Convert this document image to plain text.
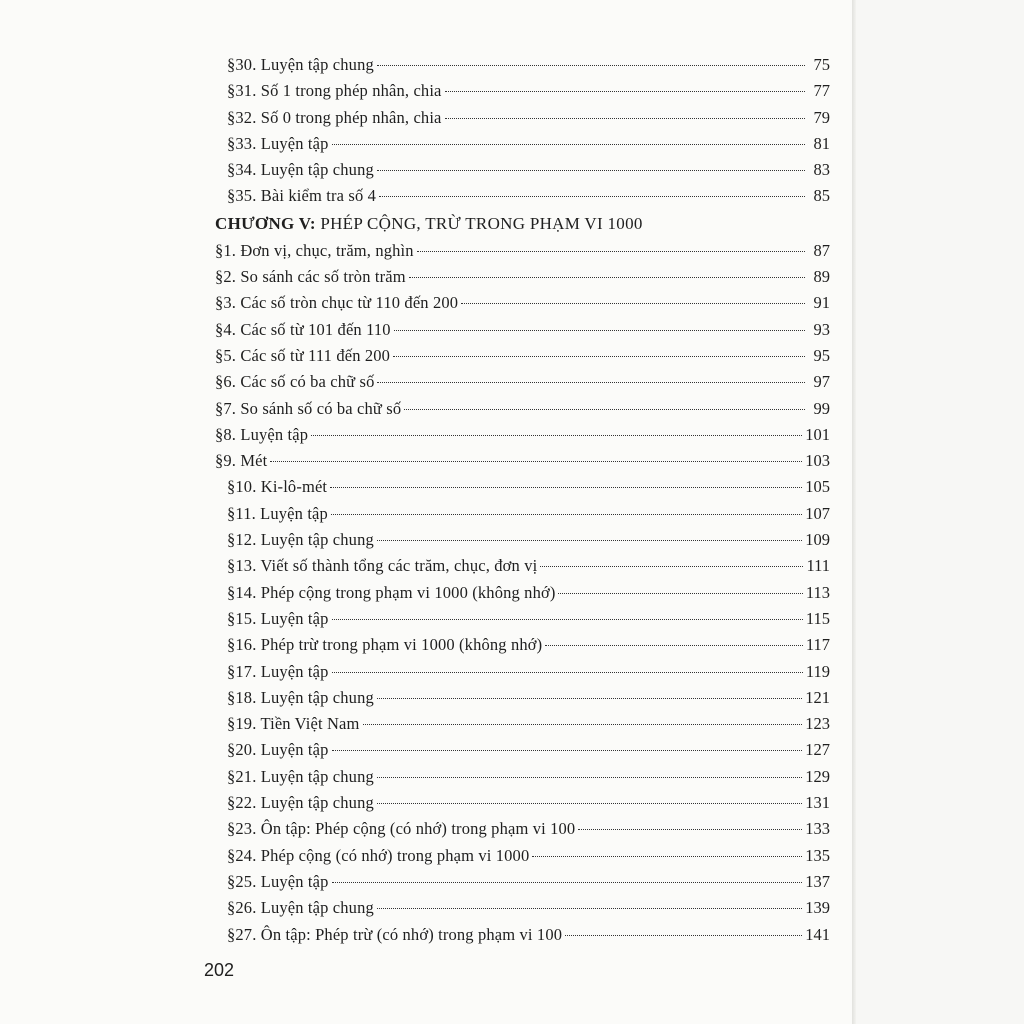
§30. Luyện tập chung	75
§31. Số 1 trong phép nhân, chia	77
§32. Số 0 trong phép nhân, chia	79
§33. Luyện tập	81
§34. Luyện tập chung	83
§35. Bài kiểm tra số 4	85
CHƯƠNG V: PHÉP CỘNG, TRỪ TRONG PHẠM VI 1000
§1. Đơn vị, chục, trăm, nghìn	87
§2. So sánh các số tròn trăm	89
§3. Các số tròn chục từ 110 đến 200	91
§4. Các số từ 101 đến 110	93
§5. Các số từ 111 đến 200	95
§6. Các số có ba chữ số	97
§7. So sánh số có ba chữ số	99
§8. Luyện tập	101
§9. Mét	103
§10. Ki-lô-mét	105
§11. Luyện tập	107
§12. Luyện tập chung	109
§13. Viết số thành tổng các trăm, chục, đơn vị	111
§14. Phép cộng trong phạm vi 1000 (không nhớ)	113
§15. Luyện tập	115
§16. Phép trừ trong phạm vi 1000 (không nhớ)	117
§17. Luyện tập	119
§18. Luyện tập chung	121
§19. Tiền Việt Nam	123
§20. Luyện tập	127
§21. Luyện tập chung	129
§22. Luyện tập chung	131
§23. Ôn tập: Phép cộng (có nhớ) trong phạm vi 100	133
§24. Phép cộng (có nhớ) trong phạm vi 1000	135
§25. Luyện tập	137
§26. Luyện tập chung	139
§27. Ôn tập: Phép trừ (có nhớ) trong phạm vi 100	141
202
